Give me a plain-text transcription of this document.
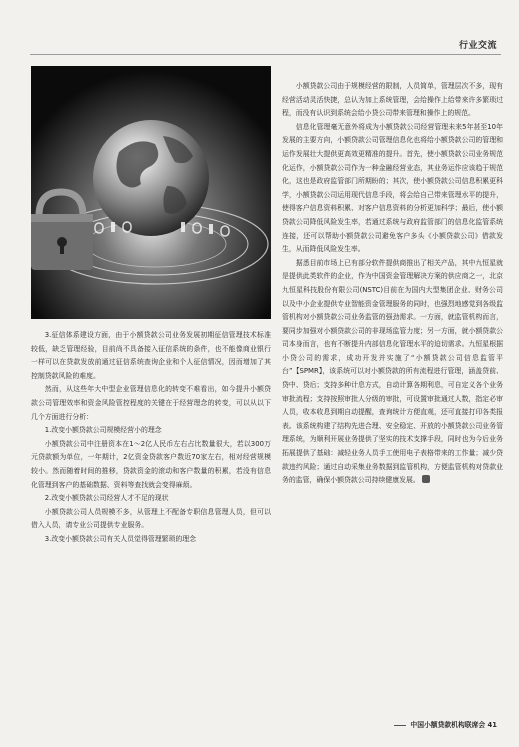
行业交流

3.征信体系建设方面，由于小额贷款公司业务发展初期征信管理技术标准较低，缺乏管理经验，目前尚不具备接入征信系统的条件，也不能像商业银行一样可以在贷款发放前通过征信系统查询企业和个人征信情况，因而增加了其控制贷款风险的难度。

然而，从这些年大中型企业管理信息化的转变不难看出，如今提升小额贷款公司管理效率和资金风险管控程度的关键在于经营理念的转变，可以从以下几个方面进行分析：

1.改变小额贷款公司规模经营小的理念

小额贷款公司中注册资本在1～2亿人民币左右占比数量很大，若以300万元贷款额为单位，一年期计，2亿资金贷款客户数近70家左右，相对经营规模较小。然而随着时间的推移，贷款资金的滚动和客户数量的积累，若没有信息化管理到客户的基础数据、资料等查找就会变得麻烦。

2.改变小额贷款公司经营人才不足的现状

小额贷款公司人员规模不多，从管理上不配备专职信息管理人员，但可以借入人员，请专业公司提供专业服务。

3.改变小额贷款公司有关人员觉得管理繁琐的理念

小额贷款公司由于规模经营的限制，人员简单，管理层次不多，现有经营活动灵活快捷，总认为加上系统管理，会给操作上给带来许多繁琐过程，而没有认识到系统会给小贷公司带来管理和操作上的规范。

信息化管理毫无意外将成为小额贷款公司经营管理未来5年甚至10年发展的主要方向，小额贷款公司管理信息化也将给小额贷款公司的管理和运作发展壮大提供更高效更精准的提升。首先，使小额贷款公司业务规范化运作，小额贷款公司作为一种金融经营业态，其业务运作应该趋于规范化，这也是政府监管部门所期盼的；其次，使小额贷款公司信息积累更科学，小额贷款公司运用现代信息手段，将会给自己带来管理水平的提升，使得客户信息资料积累、对客户信息资料的分析更加科学；最后，使小额贷款公司降低风险发生率，若通过系统与政府监管部门的信息化监管系统连接，还可以帮助小额贷款公司避免客户多头《小额贷款公司》借款发生，从而降低风险发生率。

据悉目前市场上已有部分软件提供商推出了相关产品，其中九恒星就是提供此类软件的企业，作为中国资金管理解决方案的供应商之一，北京九恒星科技股份有限公司(NSTC)目前在为国内大型集团企业、财务公司以及中小企业提供专业智能资金管理服务的同时，也强烈地感觉到各级监管机构对小额贷款公司业务监管的强劲需求。一方面，就监管机构而言，要同步加强对小额贷款公司的非现场监管力度；另一方面，就小额贷款公司本身而言，也有不断提升内部信息化管理水平的迫切需求。九恒星根据小贷公司的需求，成功开发并实施了“小额贷款公司信息监管平台”【SPMR】，该系统可以对小额贷款的所有流程进行管理，涵盖贷前、贷中、贷后；支持多种计息方式，自动计算各期利息，可自定义各个业务审批流程；支持按照审批人分级的审批，可设置审批通过人数，指定必审人员，收本收息到期自动提醒，查询统计方便直观，还可直接打印各类报表。该系统构建了结构先进合理、安全稳定、开放的小额贷款公司业务管理系统，为顺利开展业务提供了坚实的技术支撑手段，同时也为今后业务拓展提供了基础：减轻业务人员手工使用电子表格带来的工作量；减少贷款违约风险；通过自动采集业务数据到监管机构，方便监管机构对贷款业务的监管，确保小额贷款公司持续健康发展。

中国小额贷款机构联席会 41
